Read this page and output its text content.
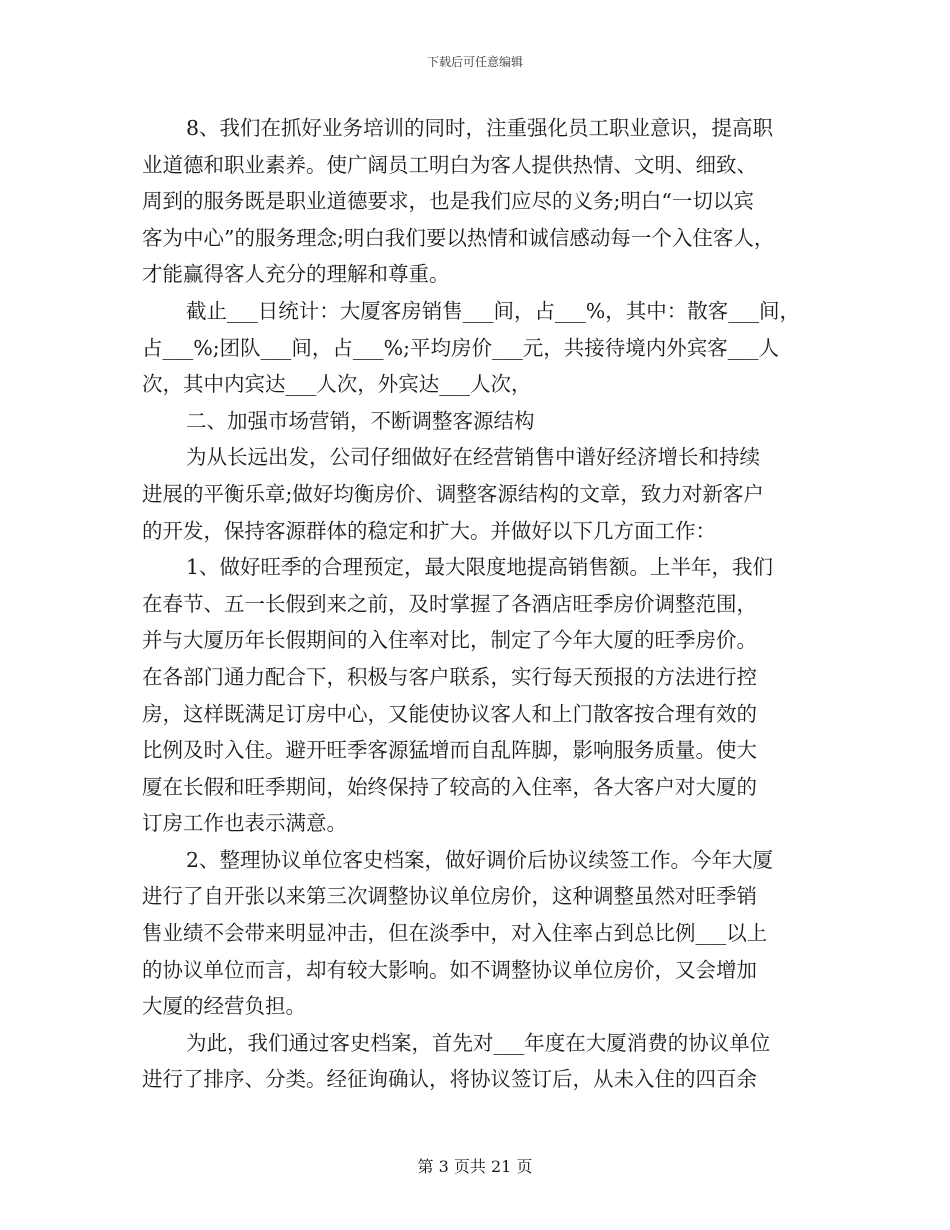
下载后可任意编辑
8、我们在抓好业务培训的同时，注重强化员工职业意识，提高职
业道德和职业素养。使广阔员工明白为客人提供热情、文明、细致、
周到的服务既是职业道德要求，也是我们应尽的义务;明白“一切以宾
客为中心”的服务理念;明白我们要以热情和诚信感动每一个入住客人，
才能赢得客人充分的理解和尊重。
截止___日统计：大厦客房销售___间，占___%，其中：散客___间，
占___%;团队___间，占___%;平均房价___元，共接待境内外宾客___人
次，其中内宾达___人次，外宾达___人次，
二、加强市场营销，不断调整客源结构
为从长远出发，公司仔细做好在经营销售中谱好经济增长和持续
进展的平衡乐章;做好均衡房价、调整客源结构的文章，致力对新客户
的开发，保持客源群体的稳定和扩大。并做好以下几方面工作：
1、做好旺季的合理预定，最大限度地提高销售额。上半年，我们
在春节、五一长假到来之前，及时掌握了各酒店旺季房价调整范围，
并与大厦历年长假期间的入住率对比，制定了今年大厦的旺季房价。
在各部门通力配合下，积极与客户联系，实行每天预报的方法进行控
房，这样既满足订房中心，又能使协议客人和上门散客按合理有效的
比例及时入住。避开旺季客源猛增而自乱阵脚，影响服务质量。使大
厦在长假和旺季期间，始终保持了较高的入住率，各大客户对大厦的
订房工作也表示满意。
2、整理协议单位客史档案，做好调价后协议续签工作。今年大厦
进行了自开张以来第三次调整协议单位房价，这种调整虽然对旺季销
售业绩不会带来明显冲击，但在淡季中，对入住率占到总比例___以上
的协议单位而言，却有较大影响。如不调整协议单位房价，又会增加
大厦的经营负担。
为此，我们通过客史档案，首先对___年度在大厦消费的协议单位
进行了排序、分类。经征询确认，将协议签订后，从未入住的四百余
第 3 页共 21 页
